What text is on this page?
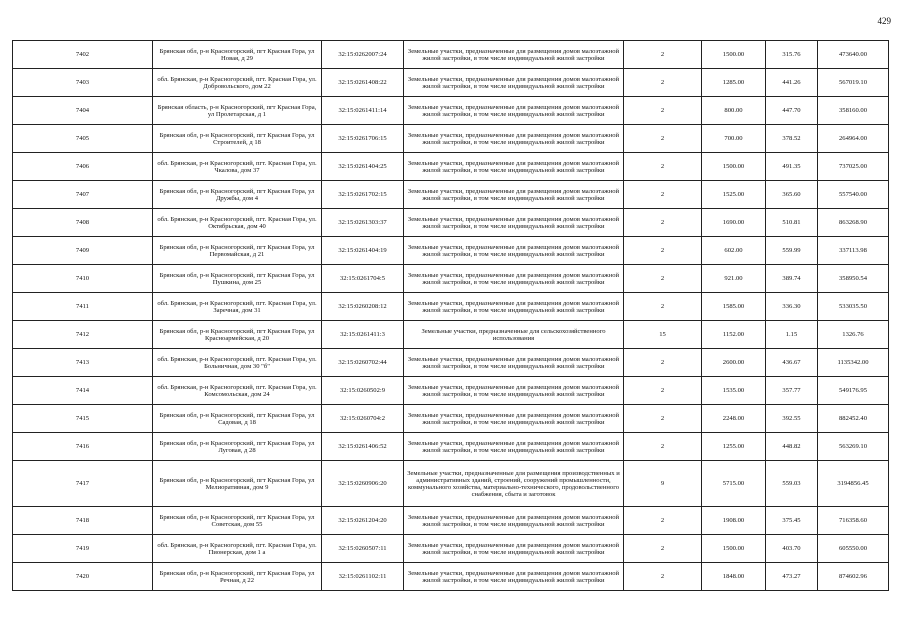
429
7402	Брянская обл, р-н Красногорский, пгт Красная Гора, ул Новая, д 29	32:15:0262007:24	Земельные участки, предназначенные для размещения домов малоэтажной жилой застройки, в том числе индивидуальной жилой застройки	2	1500.00	315.76	473640.00
7403	обл. Брянская, р-н Красногорский, пгт. Красная Гора, ул. Добровольского, дом 22	32:15:0261408:22	Земельные участки, предназначенные для размещения домов малоэтажной жилой застройки, в том числе индивидуальной жилой застройки	2	1285.00	441.26	567019.10
7404	Брянская область, р-н Красногорский, пгт Красная Гора, ул Пролетарская, д 1	32:15:0261411:14	Земельные участки, предназначенные для размещения домов малоэтажной жилой застройки, в том числе индивидуальной жилой застройки	2	800.00	447.70	358160.00
7405	Брянская обл, р-н Красногорский, пгт Красная Гора, ул Строителей, д 18	32:15:0261706:15	Земельные участки, предназначенные для размещения домов малоэтажной жилой застройки, в том числе индивидуальной жилой застройки	2	700.00	378.52	264964.00
7406	обл. Брянская, р-н Красногорский, пгт. Красная Гора, ул. Чкалова, дом 37	32:15:0261404:25	Земельные участки, предназначенные для размещения домов малоэтажной жилой застройки, в том числе индивидуальной жилой застройки	2	1500.00	491.35	737025.00
7407	Брянская обл, р-н Красногорский, пгт Красная Гора, ул Дружбы, дом 4	32:15:0261702:15	Земельные участки, предназначенные для размещения домов малоэтажной жилой застройки, в том числе индивидуальной жилой застройки	2	1525.00	365.60	557540.00
7408	обл. Брянская, р-н Красногорский, пгт. Красная Гора, ул. Октябрьская, дом 40	32:15:0261303:37	Земельные участки, предназначенные для размещения домов малоэтажной жилой застройки, в том числе индивидуальной жилой застройки	2	1690.00	510.81	863268.90
7409	Брянская обл, р-н Красногорский, пгт Красная Гора, ул Первомайская, д 21	32:15:0261404:19	Земельные участки, предназначенные для размещения домов малоэтажной жилой застройки, в том числе индивидуальной жилой застройки	2	602.00	559.99	337113.98
7410	Брянская обл, р-н Красногорский, пгт Красная Гора, ул Пушкина, дом 25	32:15:0261704:5	Земельные участки, предназначенные для размещения домов малоэтажной жилой застройки, в том числе индивидуальной жилой застройки	2	921.00	389.74	358950.54
7411	обл. Брянская, р-н Красногорский, пгт. Красная Гора, ул. Заречная, дом 31	32:15:0260208:12	Земельные участки, предназначенные для размещения домов малоэтажной жилой застройки, в том числе индивидуальной жилой застройки	2	1585.00	336.30	533035.50
7412	Брянская обл, р-н Красногорский, пгт Красная Гора, ул Красноармейская, д 20	32:15:0261411:3	Земельные участки, предназначенные для сельскохозяйственного использования	15	1152.00	1.15	1326.76
7413	обл. Брянская, р-н Красногорский, пгт. Красная Гора, ул. Больничная, дом 30 "б"	32:15:0260702:44	Земельные участки, предназначенные для размещения домов малоэтажной жилой застройки, в том числе индивидуальной жилой застройки	2	2600.00	436.67	1135342.00
7414	обл. Брянская, р-н Красногорский, пгт. Красная Гора, ул. Комсомольская, дом 24	32:15:0260502:9	Земельные участки, предназначенные для размещения домов малоэтажной жилой застройки, в том числе индивидуальной жилой застройки	2	1535.00	357.77	549176.95
7415	Брянская обл, р-н Красногорский, пгт Красная Гора, ул Садовая, д 18	32:15:0260704:2	Земельные участки, предназначенные для размещения домов малоэтажной жилой застройки, в том числе индивидуальной жилой застройки	2	2248.00	392.55	882452.40
7416	Брянская обл, р-н Красногорский, пгт Красная Гора, ул Луговая, д 28	32:15:0261406:52	Земельные участки, предназначенные для размещения домов малоэтажной жилой застройки, в том числе индивидуальной жилой застройки	2	1255.00	448.82	563269.10
7417	Брянская обл, р-н Красногорский, пгт Красная Гора, ул Мелиоративная, дом 9	32:15:0260906:20	Земельные участки, предназначенные для размещения производственных и административных зданий, строений, сооружений промышленности, коммунального хозяйства, материально-технического, продовольственного снабжения, сбыта и заготовок	9	5715.00	559.03	3194856.45
7418	Брянская обл, р-н Красногорский, пгт Красная Гора, ул Советская, дом 55	32:15:0261204:20	Земельные участки, предназначенные для размещения домов малоэтажной жилой застройки, в том числе индивидуальной жилой застройки	2	1908.00	375.45	716358.60
7419	обл. Брянская, р-н Красногорский, пгт. Красная Гора, ул. Пионерская, дом 1 а	32:15:0260507:11	Земельные участки, предназначенные для размещения домов малоэтажной жилой застройки, в том числе индивидуальной жилой застройки	2	1500.00	403.70	605550.00
7420	Брянская обл, р-н Красногорский, пгт Красная Гора, ул Речная, д 22	32:15:0261102:11	Земельные участки, предназначенные для размещения домов малоэтажной жилой застройки, в том числе индивидуальной жилой застройки	2	1848.00	473.27	874602.96
